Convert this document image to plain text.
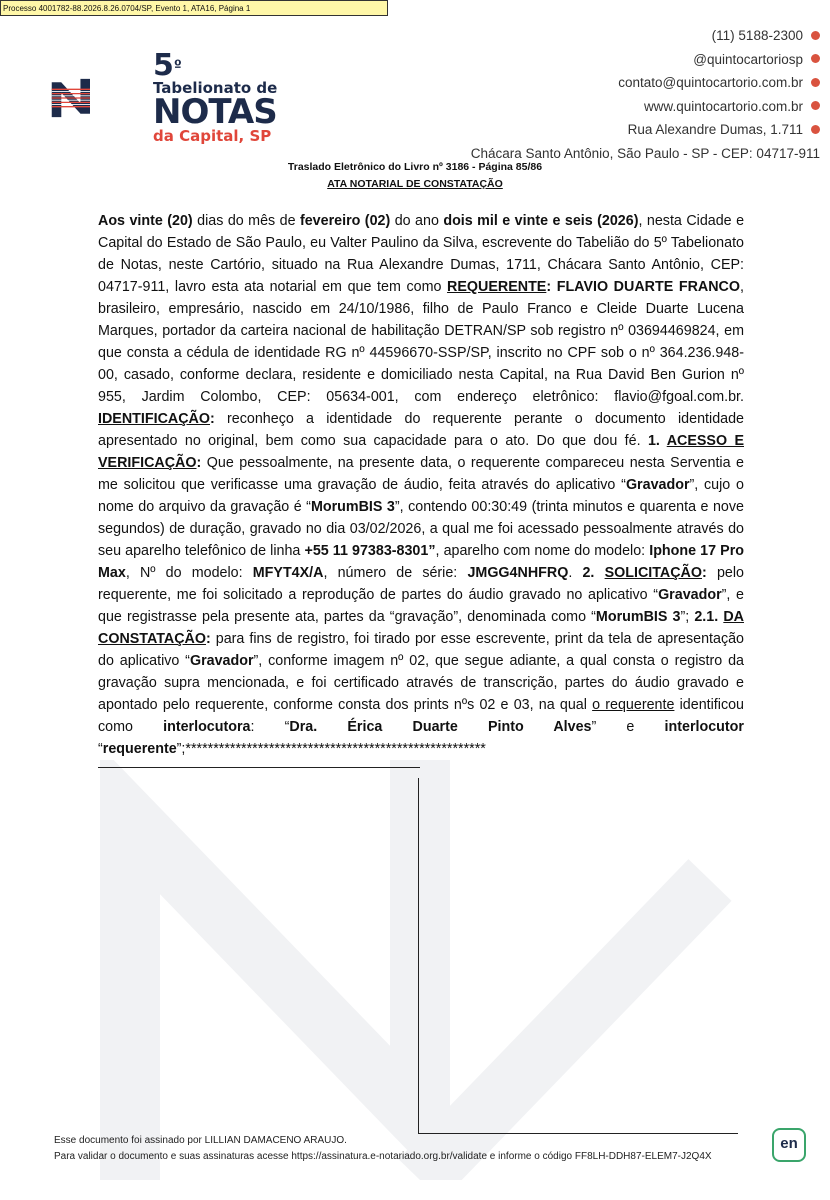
Processo 4001782-88.2026.8.26.0704/SP, Evento 1, ATA16, Página 1
$5^º$
Tabelionato de
NOTAS
da Capital, SP
(11) 5188-2300
@quintocartoriosp
contato@quintocartorio.com.br
www.quintocartorio.com.br
Rua Alexandre Dumas, 1.711
Chácara Santo Antônio, São Paulo - SP - CEP: 04717-911
Traslado Eletrônico do Livro nº 3186 - Página 85/86
ATA NOTARIAL DE CONSTATAÇÃO
Aos vinte (20) dias do mês de fevereiro (02) do ano dois mil e vinte e seis (2026), nesta Cidade e Capital do Estado de São Paulo, eu Valter Paulino da Silva, escrevente do Tabelião do 5º Tabelionato de Notas, neste Cartório, situado na Rua Alexandre Dumas, 1711, Chácara Santo Antônio, CEP: 04717-911, lavro esta ata notarial em que tem como REQUERENTE: FLAVIO DUARTE FRANCO, brasileiro, empresário, nascido em 24/10/1986, filho de Paulo Franco e Cleide Duarte Lucena Marques, portador da carteira nacional de habilitação DETRAN/SP sob registro nº 03694469824, em que consta a cédula de identidade RG nº 44596670-SSP/SP, inscrito no CPF sob o nº 364.236.948-00, casado, conforme declara, residente e domiciliado nesta Capital, na Rua David Ben Gurion nº 955, Jardim Colombo, CEP: 05634-001, com endereço eletrônico: flavio@fgoal.com.br. IDENTIFICAÇÃO: reconheço a identidade do requerente perante o documento identidade apresentado no original, bem como sua capacidade para o ato. Do que dou fé. 1. ACESSO E VERIFICAÇÃO: Que pessoalmente, na presente data, o requerente compareceu nesta Serventia e me solicitou que verificasse uma gravação de áudio, feita através do aplicativo “Gravador”, cujo o nome do arquivo da gravação é “MorumBIS 3”, contendo 00:30:49 (trinta minutos e quarenta e nove segundos) de duração, gravado no dia 03/02/2026, a qual me foi acessado pessoalmente através do seu aparelho telefônico de linha +55 11 97383-8301”, aparelho com nome do modelo: Iphone 17 Pro Max, Nº do modelo: MFYT4X/A, número de série: JMGG4NHFRQ. 2. SOLICITAÇÃO: pelo requerente, me foi solicitado a reprodução de partes do áudio gravado no aplicativo “Gravador”, e que registrasse pela presente ata, partes da “gravação”, denominada como “MorumBIS 3”; 2.1. DA CONSTATAÇÃO: para fins de registro, foi tirado por esse escrevente, print da tela de apresentação do aplicativo “Gravador”, conforme imagem nº 02, que segue adiante, a qual consta o registro da gravação supra mencionada, e foi certificado através de transcrição, partes do áudio gravado e apontado pelo requerente, conforme consta dos prints nºs 02 e 03, na qual o requerente identificou como interlocutora: “Dra. Érica Duarte Pinto Alves” e interlocutor “requerente”;******************************************************
Esse documento foi assinado por LILLIAN DAMACENO ARAUJO.
Para validar o documento e suas assinaturas acesse https://assinatura.e-notariado.org.br/validate e informe o código FF8LH-DDH87-ELEM7-J2Q4X
en
